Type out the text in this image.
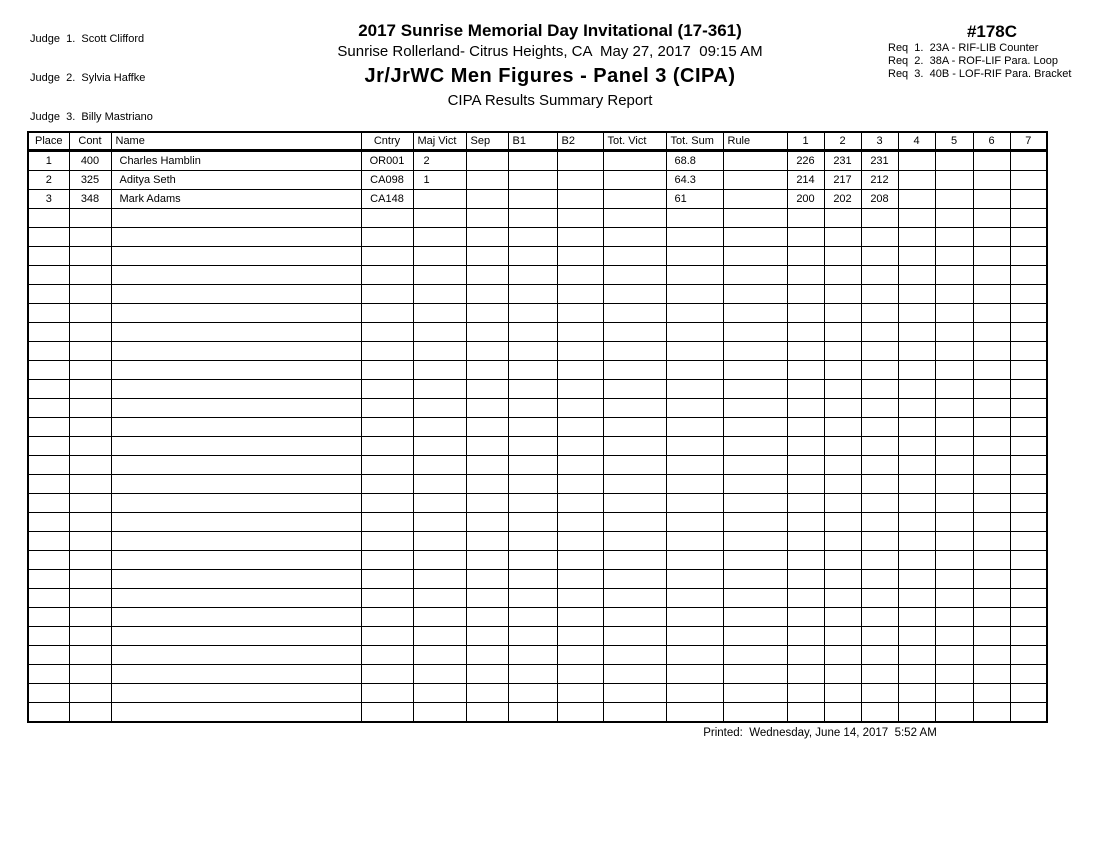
Judge  1.  Scott Clifford

Judge  2.  Sylvia Haffke

Judge  3.  Billy Mastriano

2017 Sunrise Memorial Day Invitational (17-361)
Sunrise Rollerland- Citrus Heights, CA  May 27, 2017  09:15 AM
Jr/JrWC Men Figures - Panel 3 (CIPA)
CIPA Results Summary Report
#178C
Req  1.  23A - RIF-LIB Counter
Req  2.  38A - ROF-LIF Para. Loop
Req  3.  40B - LOF-RIF Para. Bracket
Place	Cont	Name	Cntry	Maj Vict	Sep	B1	B2	Tot. Vict	Tot. Sum	Rule	1	2	3	4	5	6	7
1	400	Charles Hamblin	OR001	2					68.8		226	231	231				
2	325	Aditya Seth	CA098	1					64.3		214	217	212				
3	348	Mark Adams	CA148						61		200	202	208				

Printed:  Wednesday, June 14, 2017  5:52 AM
